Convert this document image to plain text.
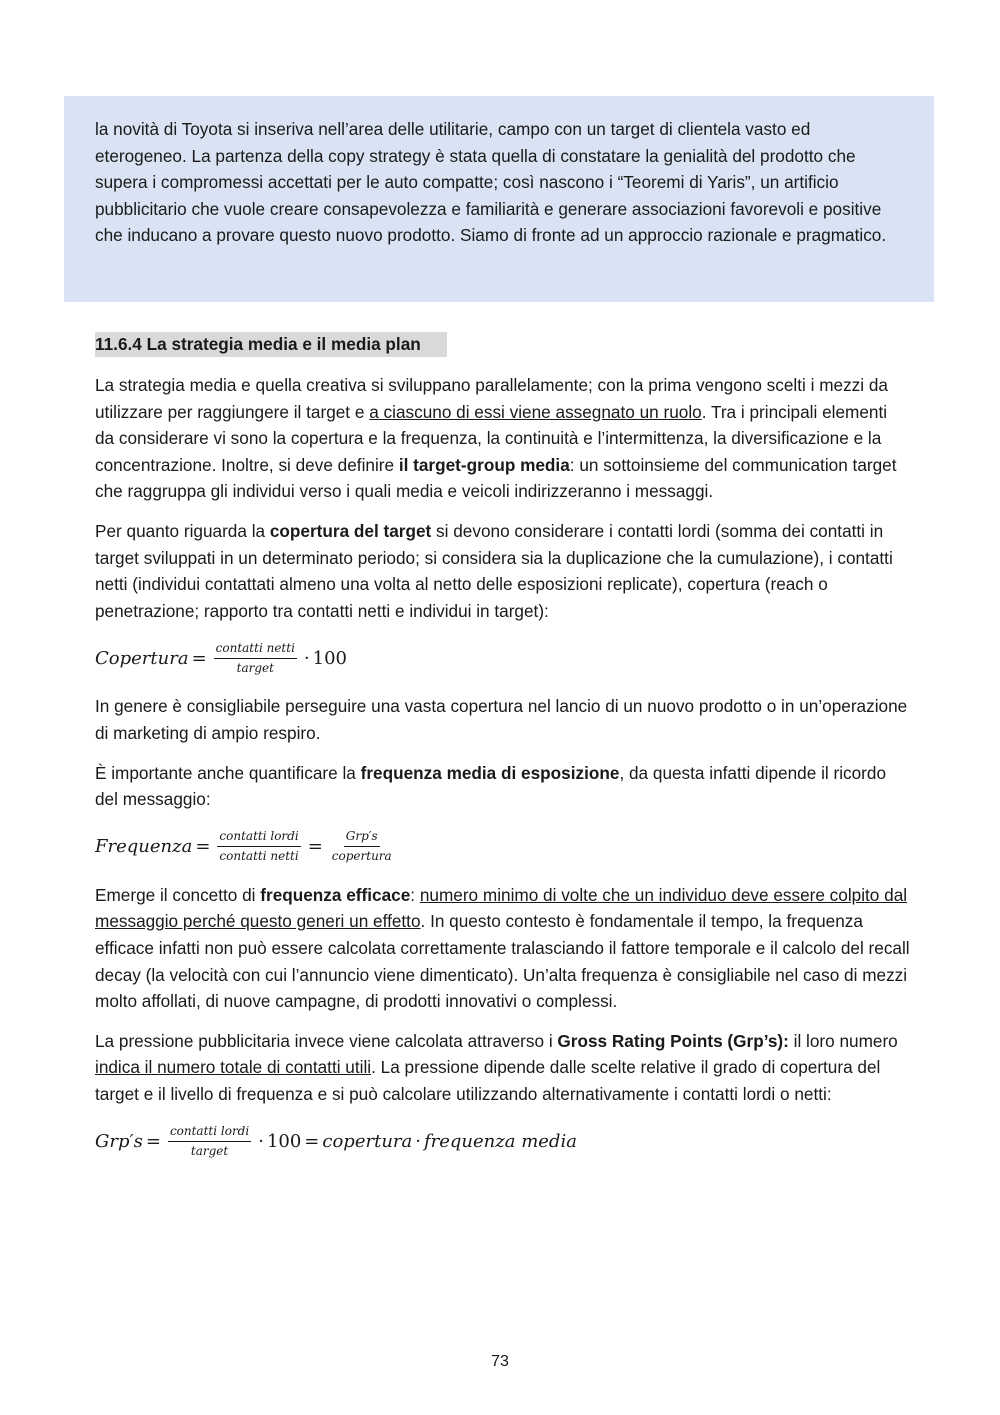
la novità di Toyota si inseriva nell’area delle utilitarie, campo con un target di clientela vasto ed eterogeneo. La partenza della copy strategy è stata quella di constatare la genialità del prodotto che supera i compromessi accettati per le auto compatte; così nascono i “Teoremi di Yaris”, un artificio pubblicitario che vuole creare consapevolezza e familiarità e generare associazioni favorevoli e positive che inducano a provare questo nuovo prodotto. Siamo di fronte ad un approccio razionale e pragmatico.

11.6.4 La strategia media e il media plan

La strategia media e quella creativa si sviluppano parallelamente; con la prima vengono scelti i mezzi da utilizzare per raggiungere il target e a ciascuno di essi viene assegnato un ruolo. Tra i principali elementi da considerare vi sono la copertura e la frequenza, la continuità e l’intermittenza, la diversificazione e la concentrazione. Inoltre, si deve definire il target-group media: un sottoinsieme del communication target che raggruppa gli individui verso i quali media e veicoli indirizzeranno i messaggi.

Per quanto riguarda la copertura del target si devono considerare i contatti lordi (somma dei contatti in target sviluppati in un determinato periodo; si considera sia la duplicazione che la cumulazione), i contatti netti (individui contattati almeno una volta al netto delle esposizioni replicate), copertura (reach o penetrazione; rapporto tra contatti netti e individui in target):

Copertura = $\frac{\text{contatti netti}}{\text{target}} \cdot 100$

In genere è consigliabile perseguire una vasta copertura nel lancio di un nuovo prodotto o in un’operazione di marketing di ampio respiro.

È importante anche quantificare la frequenza media di esposizione, da questa infatti dipende il ricordo del messaggio:

Frequenza = $\frac{\text{contatti lordi}}{\text{contatti netti}} = \frac{\text{Grp′s}}{\text{copertura}}$

Emerge il concetto di frequenza efficace: numero minimo di volte che un individuo deve essere colpito dal messaggio perché questo generi un effetto. In questo contesto è fondamentale il tempo, la frequenza efficace infatti non può essere calcolata correttamente tralasciando il fattore temporale e il calcolo del recall decay (la velocità con cui l’annuncio viene dimenticato). Un’alta frequenza è consigliabile nel caso di mezzi molto affollati, di nuove campagne, di prodotti innovativi o complessi.

La pressione pubblicitaria invece viene calcolata attraverso i Gross Rating Points (Grp’s): il loro numero indica il numero totale di contatti utili. La pressione dipende dalle scelte relative il grado di copertura del target e il livello di frequenza e si può calcolare utilizzando alternativamente i contatti lordi o netti:

$Grp's = \frac{\text{contatti lordi}}{\text{target}} \cdot 100$ = copertura · frequenza media
73
